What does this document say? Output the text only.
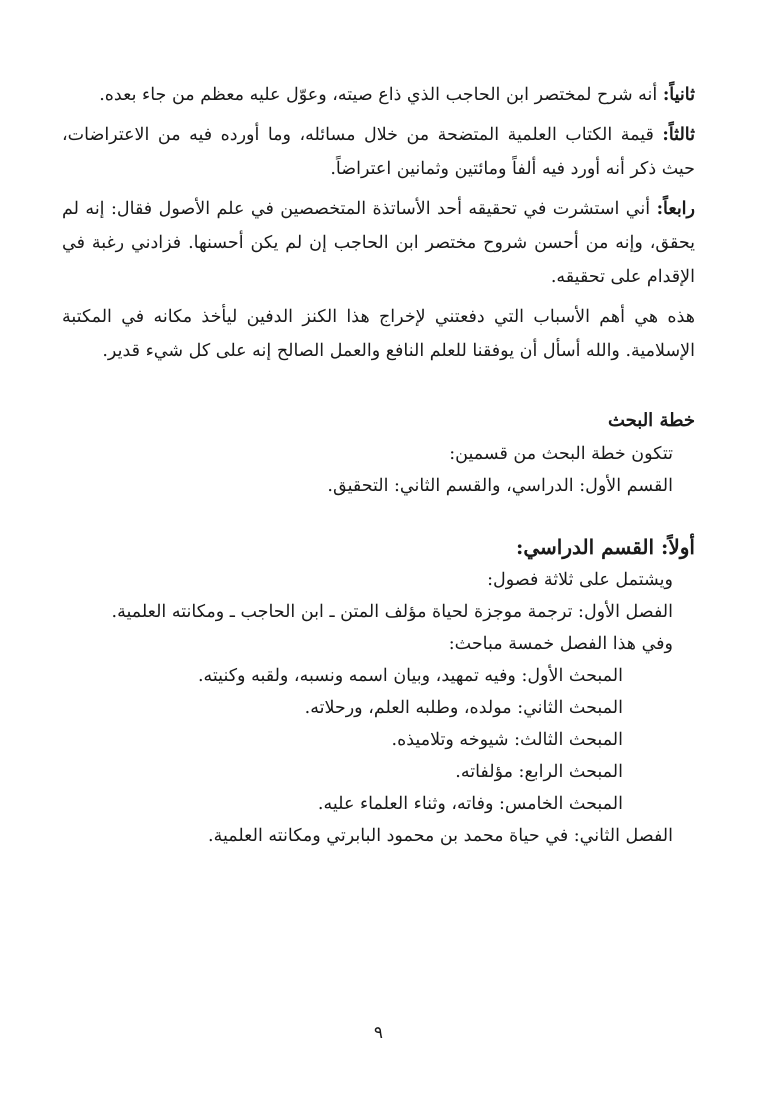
ثانياً: أنه شرح لمختصر ابن الحاجب الذي ذاع صيته، وعوّل عليه معظم من جاء بعده.

ثالثاً: قيمة الكتاب العلمية المتضحة من خلال مسائله، وما أورده فيه من الاعتراضات، حيث ذكر أنه أورد فيه ألفاً ومائتين وثمانين اعتراضاً.

رابعاً: أني استشرت في تحقيقه أحد الأساتذة المتخصصين في علم الأصول فقال: إنه لم يحقق، وإنه من أحسن شروح مختصر ابن الحاجب إن لم يكن أحسنها. فزادني رغبة في الإقدام على تحقيقه.

هذه هي أهم الأسباب التي دفعتني لإخراج هذا الكنز الدفين ليأخذ مكانه في المكتبة الإسلامية. والله أسأل أن يوفقنا للعلم النافع والعمل الصالح إنه على كل شيء قدير.

خطة البحث

تتكون خطة البحث من قسمين:

القسم الأول: الدراسي، والقسم الثاني: التحقيق.

أولاً: القسم الدراسي:

ويشتمل على ثلاثة فصول:

الفصل الأول: ترجمة موجزة لحياة مؤلف المتن ـ ابن الحاجب ـ ومكانته العلمية.

وفي هذا الفصل خمسة مباحث:

المبحث الأول: وفيه تمهيد، وبيان اسمه ونسبه، ولقبه وكنيته.

المبحث الثاني: مولده، وطلبه العلم، ورحلاته.

المبحث الثالث: شيوخه وتلاميذه.

المبحث الرابع: مؤلفاته.

المبحث الخامس: وفاته، وثناء العلماء عليه.

الفصل الثاني: في حياة محمد بن محمود البابرتي ومكانته العلمية.

٩
